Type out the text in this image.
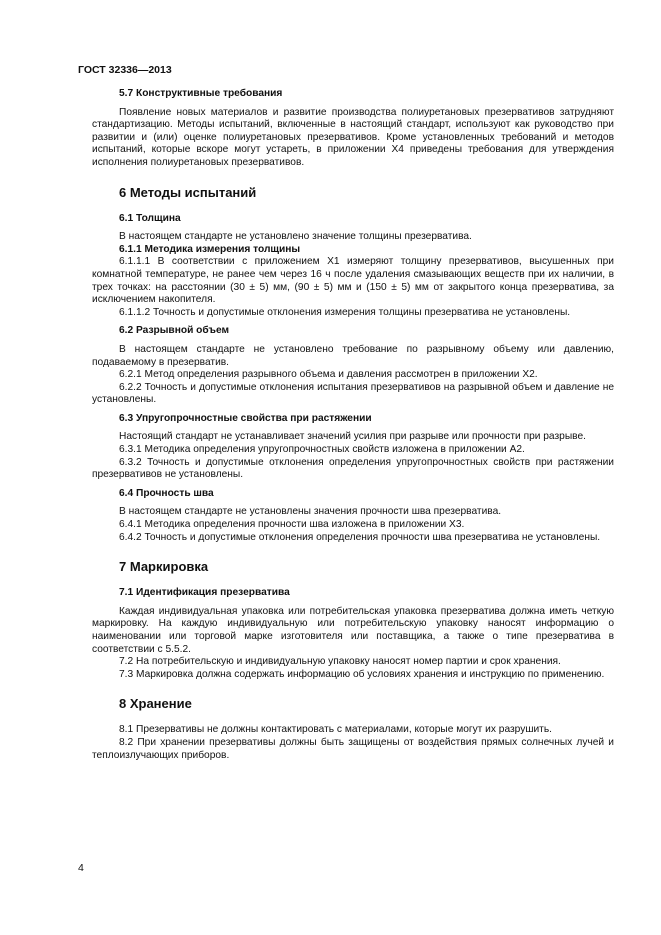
ГОСТ 32336—2013
5.7 Конструктивные требования

Появление новых материалов и развитие производства полиуретановых презервативов затрудняют стандартизацию. Методы испытаний, включенные в настоящий стандарт, используют как руководство при развитии и (или) оценке полиуретановых презервативов. Кроме установленных требований и методов испытаний, которые вскоре могут устареть, в приложении Х4 приведены требования для утверждения исполнения полиуретановых презервативов.

6 Методы испытаний
6.1 Толщина

В настоящем стандарте не установлено значение толщины презерватива.

6.1.1 Методика измерения толщины

6.1.1.1 В соответствии с приложением Х1 измеряют толщину презервативов, высушенных при комнатной температуре, не ранее чем через 16 ч после удаления смазывающих веществ при их наличии, в трех точках: на расстоянии (30 ± 5) мм, (90 ± 5) мм и (150 ± 5) мм от закрытого конца презерватива, за исключением накопителя.

6.1.1.2 Точность и допустимые отклонения измерения толщины презерватива не установлены.

6.2 Разрывной объем

В настоящем стандарте не установлено требование по разрывному объему или давлению, подаваемому в презерватив.

6.2.1 Метод определения разрывного объема и давления рассмотрен в приложении Х2.

6.2.2 Точность и допустимые отклонения испытания презервативов на разрывной объем и давление не установлены.

6.3 Упругопрочностные свойства при растяжении

Настоящий стандарт не устанавливает значений усилия при разрыве или прочности при разрыве.

6.3.1 Методика определения упругопрочностных свойств изложена в приложении А2.

6.3.2 Точность и допустимые отклонения определения упругопрочностных свойств при растяжении презервативов не установлены.

6.4 Прочность шва

В настоящем стандарте не установлены значения прочности шва презерватива.

6.4.1 Методика определения прочности шва изложена в приложении Х3.

6.4.2 Точность и допустимые отклонения определения прочности шва презерватива не установлены.

7 Маркировка
7.1 Идентификация презерватива

Каждая индивидуальная упаковка или потребительская упаковка презерватива должна иметь четкую маркировку. На каждую индивидуальную или потребительскую упаковку наносят информацию о наименовании или торговой марке изготовителя или поставщика, а также о типе презерватива в соответствии с 5.5.2.

7.2 На потребительскую и индивидуальную упаковку наносят номер партии и срок хранения.

7.3 Маркировка должна содержать информацию об условиях хранения и инструкцию по применению.

8 Хранение

8.1 Презервативы не должны контактировать с материалами, которые могут их разрушить.

8.2 При хранении презервативы должны быть защищены от воздействия прямых солнечных лучей и теплоизлучающих приборов.

4
